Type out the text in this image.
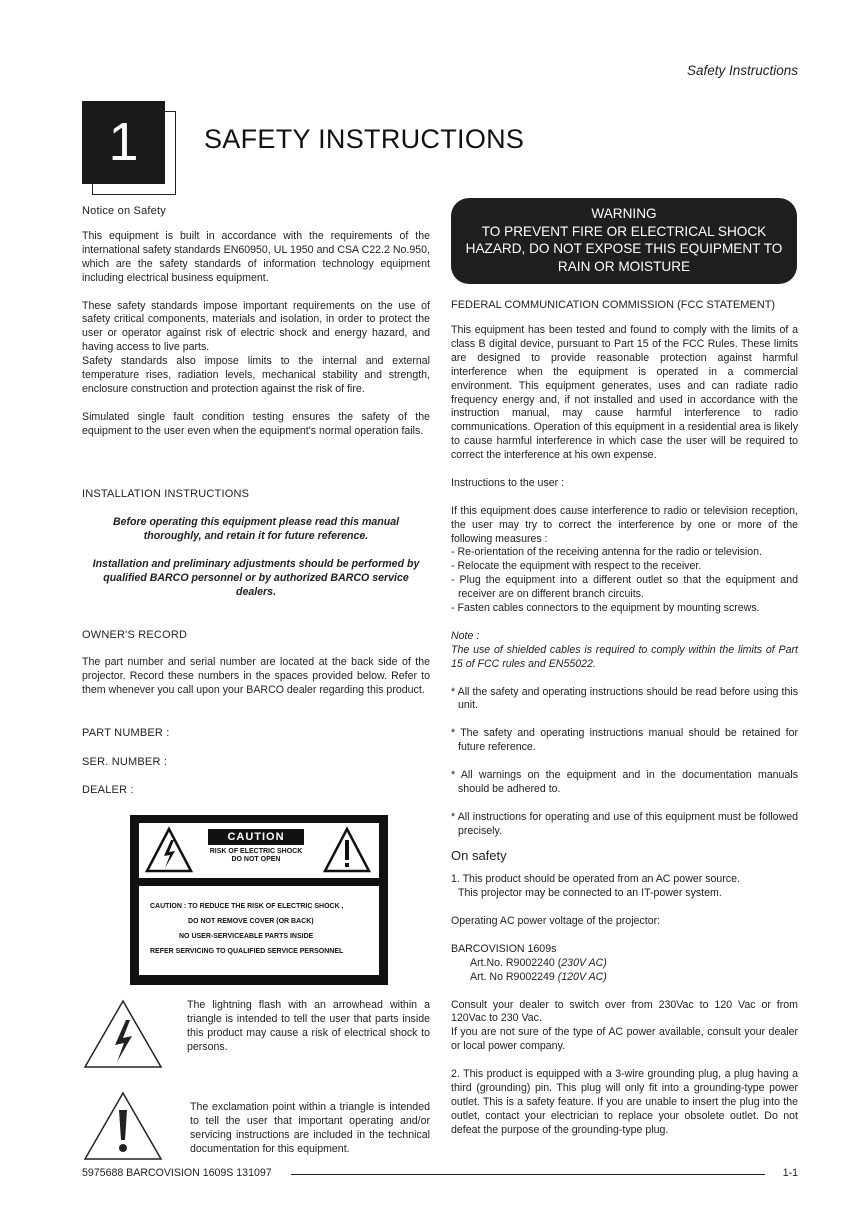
Safety Instructions
1	SAFETY INSTRUCTIONS
Notice on Safety

This equipment is built in accordance with the requirements of the international safety standards EN60950, UL 1950 and CSA C22.2 No.950, which are the safety standards of information technology equipment including electrical business equipment.

These safety standards impose important requirements on the use of safety critical components, materials and isolation, in order to protect the user or operator against risk of electric shock and energy hazard, and having access to live parts.

Safety standards also impose limits to the internal and external temperature rises, radiation levels, mechanical stability and strength, enclosure construction and protection against the risk of fire.

Simulated single fault condition testing ensures the safety of the equipment to the user even when the equipment's normal operation fails.

INSTALLATION INSTRUCTIONS
Before operating this equipment please read this manual thoroughly, and retain it for future reference.
Installation and preliminary adjustments should be performed by qualified BARCO personnel or by authorized BARCO service dealers.
OWNER'S RECORD

The part number and serial number are located at the back side of the projector. Record these numbers in the spaces provided below. Refer to them whenever you call upon your BARCO dealer regarding this product.

PART NUMBER :
SER. NUMBER :
DEALER :
CAUTION
RISK OF ELECTRIC SHOCK
DO NOT OPEN
CAUTION : TO REDUCE THE RISK OF ELECTRIC SHOCK ,
DO NOT REMOVE COVER (OR BACK)
NO USER-SERVICEABLE PARTS INSIDE
REFER SERVICING TO QUALIFIED SERVICE PERSONNEL

The lightning flash with an arrowhead within a triangle is intended to tell the user that parts inside this product may cause a risk of electrical shock to persons.

The exclamation point within a triangle is intended to tell the user that important operating and/or servicing instructions are included in the technical documentation for this equipment.

WARNING
TO PREVENT FIRE OR ELECTRICAL SHOCK
HAZARD, DO NOT EXPOSE THIS EQUIPMENT TO
RAIN OR MOISTURE
FEDERAL COMMUNICATION COMMISSION (FCC STATEMENT)

This equipment has been tested and found to comply with the limits of a class B digital device, pursuant to Part 15 of the FCC Rules. These limits are designed to provide reasonable protection against harmful interference when the equipment is operated in a commercial environment. This equipment generates, uses and can radiate radio frequency energy and, if not installed and used in accordance with the instruction manual, may cause harmful interference to radio communications. Operation of this equipment in a residential area is likely to cause harmful interference in which case the user will be required to correct the interference at his own expense.

Instructions to the user :

If this equipment does cause interference to radio or television reception, the user may try to correct the interference by one or more of the following measures :

- Re-orientation of the receiving antenna for the radio or television.
- Relocate the equipment with respect to the receiver.
- Plug the equipment into a different outlet so that the equipment and receiver are on different branch circuits.
- Fasten cables connectors to the equipment by mounting screws.
Note :

The use of shielded cables is required to comply within the limits of Part 15 of FCC rules and EN55022.

* All the safety and operating instructions should be read before using this unit.

* The safety and operating instructions manual should be retained for future reference.

* All warnings on the equipment and in the documentation manuals should be adhered to.

* All instructions for operating and use of this equipment must be followed precisely.

On safety
1. This product should be operated from an AC power source.
This projector may be connected to an IT-power system.

Operating AC power voltage of the projector:

BARCOVISION 1609s
Art.No. R9002240 (230V AC)
Art. No R9002249 (120V AC)

Consult your dealer to switch over from 230Vac to 120 Vac or from 120Vac to 230 Vac.

If you are not sure of the type of AC power available, consult your dealer or local power company.

2. This product is equipped with a 3-wire grounding plug, a plug having a third (grounding) pin. This plug will only fit into a grounding-type power outlet. This is a safety feature. If you are unable to insert the plug into the outlet, contact your electrician to replace your obsolete outlet. Do not defeat the purpose of the grounding-type plug.

5975688 BARCOVISION 1609S 131097	1-1
